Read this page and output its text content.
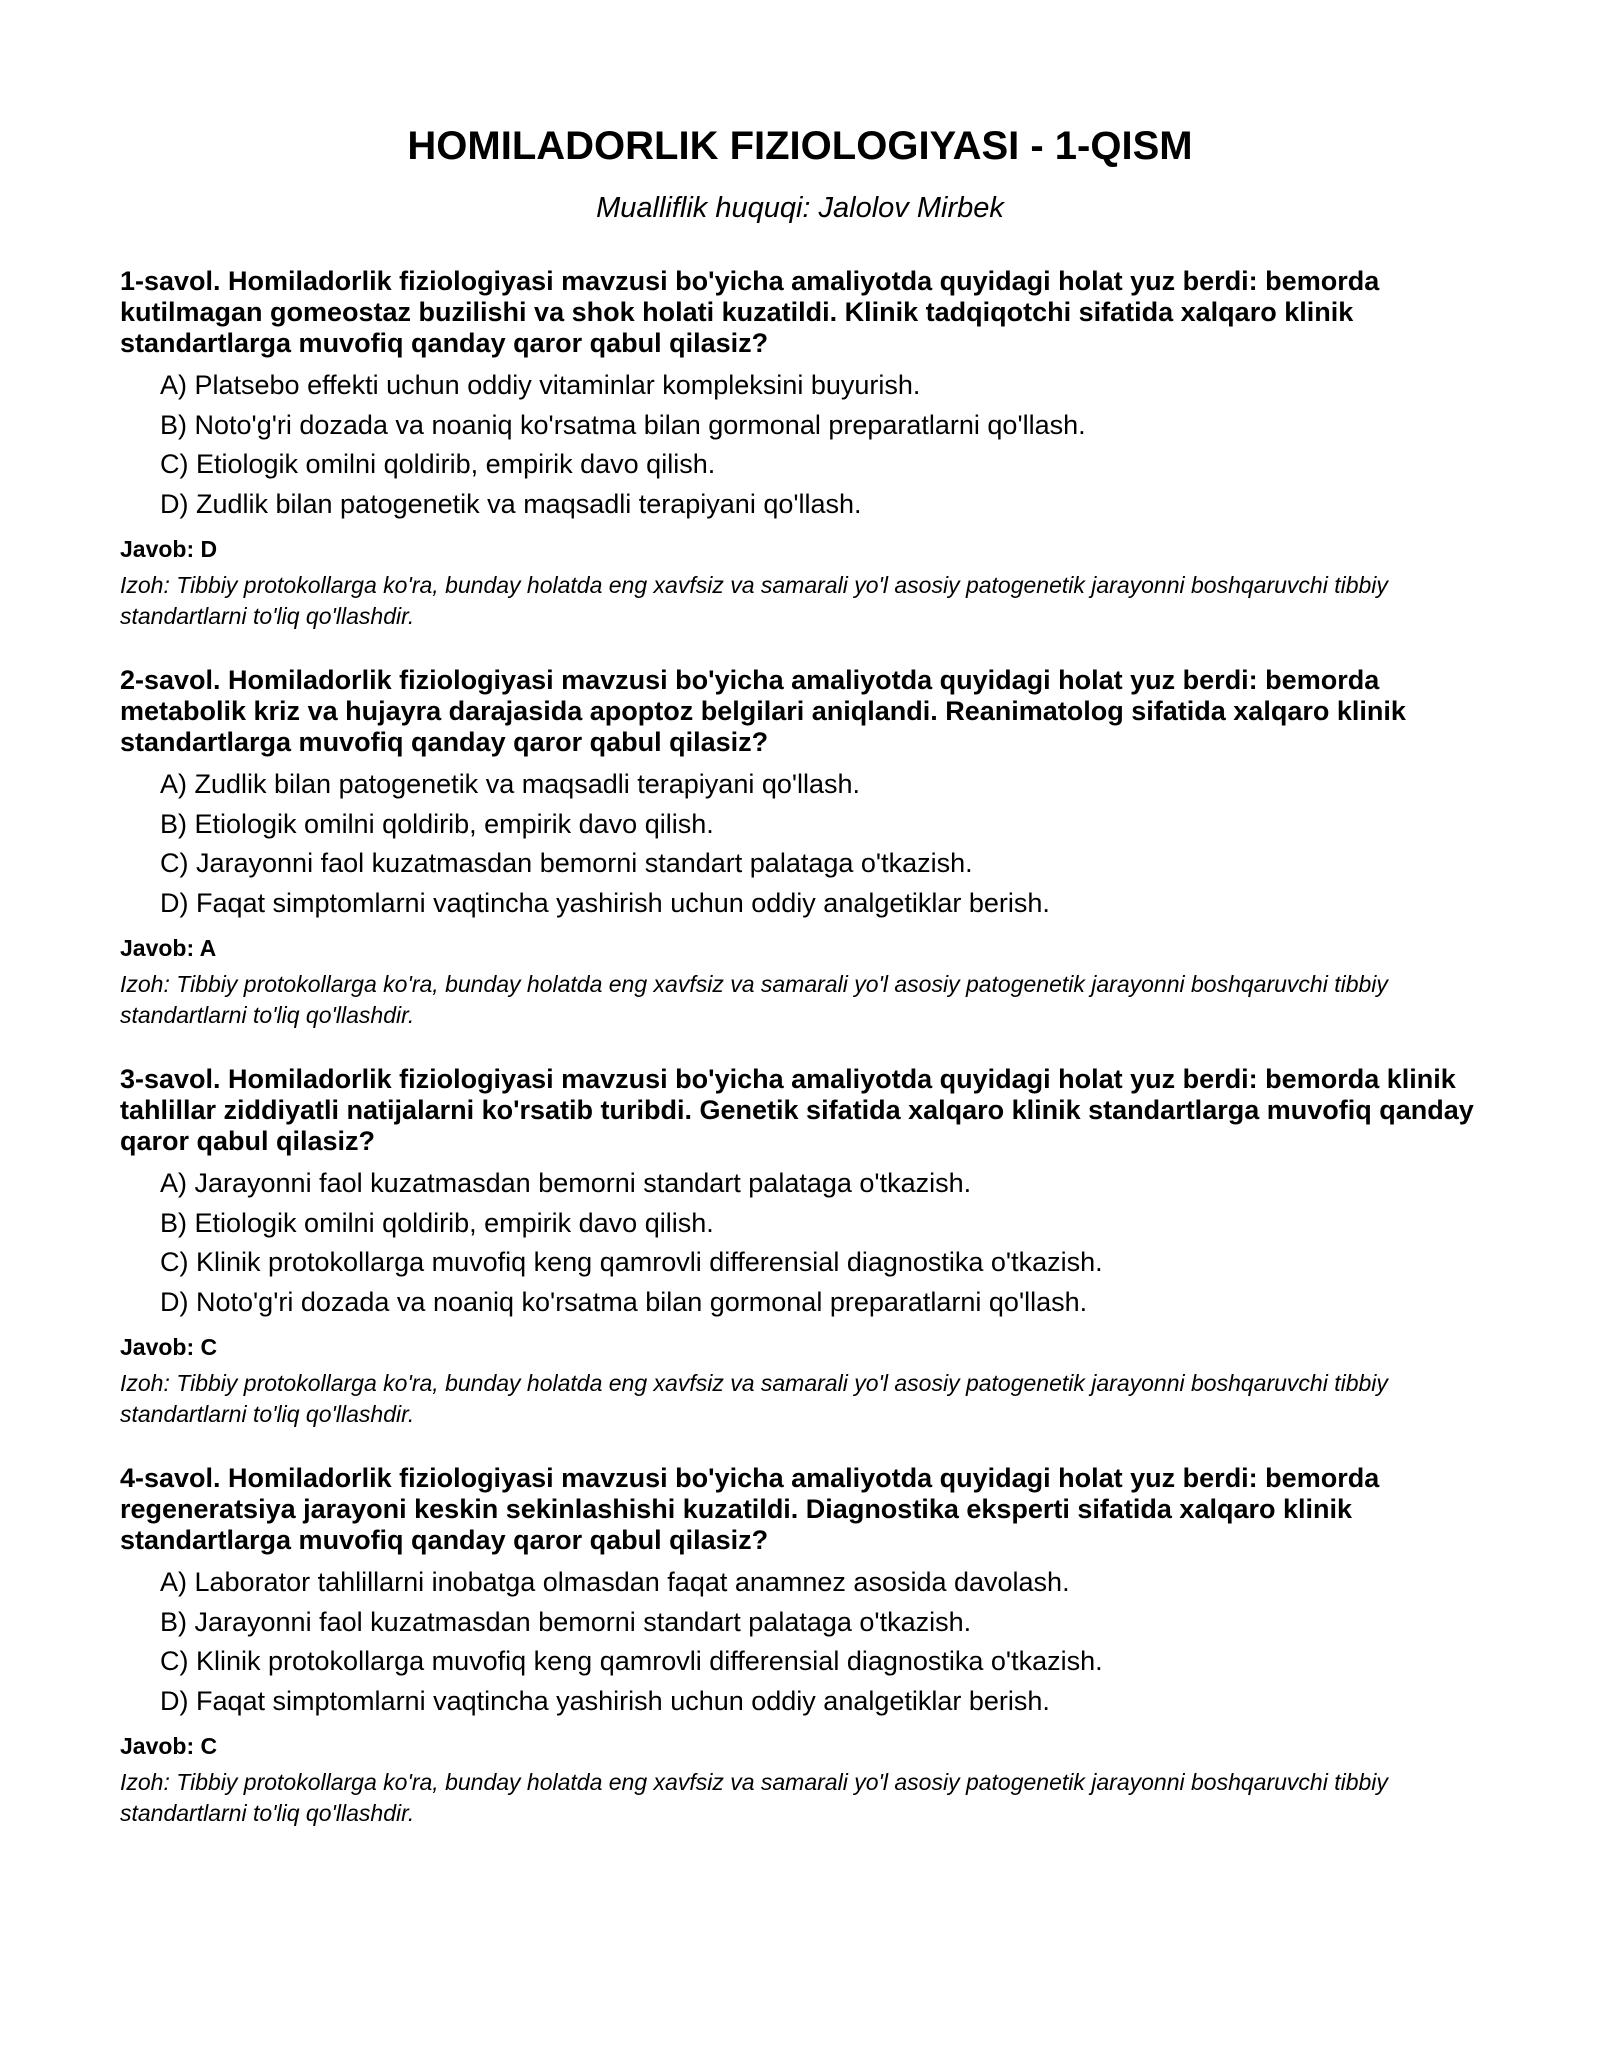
HOMILADORLIK FIZIOLOGIYASI - 1-QISM
Mualliflik huquqi: Jalolov Mirbek
1-savol. Homiladorlik fiziologiyasi mavzusi bo'yicha amaliyotda quyidagi holat yuz berdi: bemorda kutilmagan gomeostaz buzilishi va shok holati kuzatildi. Klinik tadqiqotchi sifatida xalqaro klinik standartlarga muvofiq qanday qaror qabul qilasiz?
A) Platsebo effekti uchun oddiy vitaminlar kompleksini buyurish.
B) Noto'g'ri dozada va noaniq ko'rsatma bilan gormonal preparatlarni qo'llash.
C) Etiologik omilni qoldirib, empirik davo qilish.
D) Zudlik bilan patogenetik va maqsadli terapiyani qo'llash.
Javob: D
Izoh: Tibbiy protokollarga ko'ra, bunday holatda eng xavfsiz va samarali yo'l asosiy patogenetik jarayonni boshqaruvchi tibbiy standartlarni to'liq qo'llashdir.
2-savol. Homiladorlik fiziologiyasi mavzusi bo'yicha amaliyotda quyidagi holat yuz berdi: bemorda metabolik kriz va hujayra darajasida apoptoz belgilari aniqlandi. Reanimatolog sifatida xalqaro klinik standartlarga muvofiq qanday qaror qabul qilasiz?
A) Zudlik bilan patogenetik va maqsadli terapiyani qo'llash.
B) Etiologik omilni qoldirib, empirik davo qilish.
C) Jarayonni faol kuzatmasdan bemorni standart palataga o'tkazish.
D) Faqat simptomlarni vaqtincha yashirish uchun oddiy analgetiklar berish.
Javob: A
Izoh: Tibbiy protokollarga ko'ra, bunday holatda eng xavfsiz va samarali yo'l asosiy patogenetik jarayonni boshqaruvchi tibbiy standartlarni to'liq qo'llashdir.
3-savol. Homiladorlik fiziologiyasi mavzusi bo'yicha amaliyotda quyidagi holat yuz berdi: bemorda klinik tahlillar ziddiyatli natijalarni ko'rsatib turibdi. Genetik sifatida xalqaro klinik standartlarga muvofiq qanday qaror qabul qilasiz?
A) Jarayonni faol kuzatmasdan bemorni standart palataga o'tkazish.
B) Etiologik omilni qoldirib, empirik davo qilish.
C) Klinik protokollarga muvofiq keng qamrovli differensial diagnostika o'tkazish.
D) Noto'g'ri dozada va noaniq ko'rsatma bilan gormonal preparatlarni qo'llash.
Javob: C
Izoh: Tibbiy protokollarga ko'ra, bunday holatda eng xavfsiz va samarali yo'l asosiy patogenetik jarayonni boshqaruvchi tibbiy standartlarni to'liq qo'llashdir.
4-savol. Homiladorlik fiziologiyasi mavzusi bo'yicha amaliyotda quyidagi holat yuz berdi: bemorda regeneratsiya jarayoni keskin sekinlashishi kuzatildi. Diagnostika eksperti sifatida xalqaro klinik standartlarga muvofiq qanday qaror qabul qilasiz?
A) Laborator tahlillarni inobatga olmasdan faqat anamnez asosida davolash.
B) Jarayonni faol kuzatmasdan bemorni standart palataga o'tkazish.
C) Klinik protokollarga muvofiq keng qamrovli differensial diagnostika o'tkazish.
D) Faqat simptomlarni vaqtincha yashirish uchun oddiy analgetiklar berish.
Javob: C
Izoh: Tibbiy protokollarga ko'ra, bunday holatda eng xavfsiz va samarali yo'l asosiy patogenetik jarayonni boshqaruvchi tibbiy standartlarni to'liq qo'llashdir.
